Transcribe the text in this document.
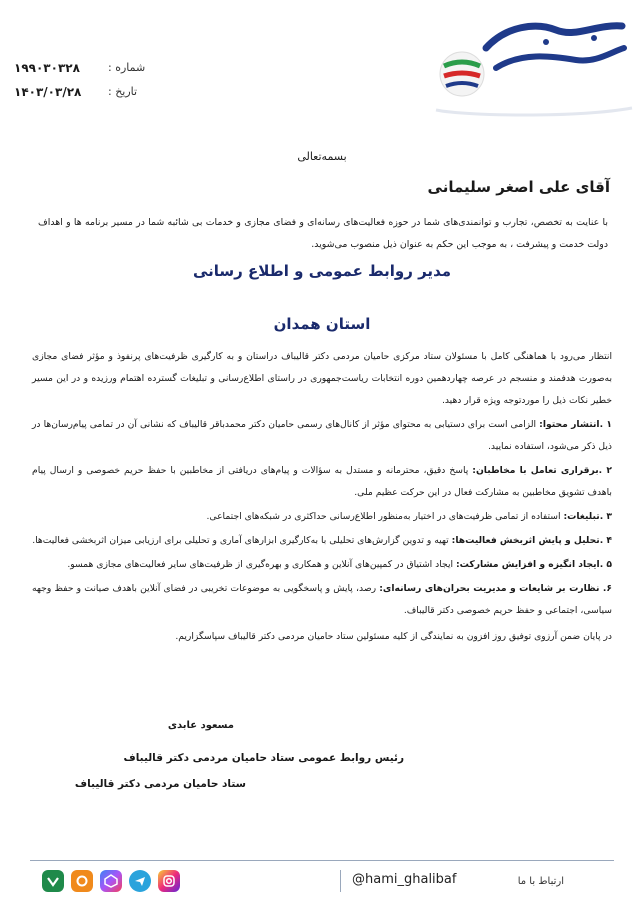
۱۹۹۰۳۰۳۲۸	شماره :
۱۴۰۳/۰۳/۲۸	تاریخ :
بسمه‌تعالی
آقای علی اصغر سلیمانی
با عنایت به تخصص، تجارب و توانمندی‌های شما در حوزه فعالیت‌های رسانه‌ای و فضای مجازی و خدمات بی شائبه شما در مسیر برنامه ها و اهداف دولت خدمت و پیشرفت ، به موجب این حکم به عنوان ذیل منصوب می‌شوید.
مدیر روابط عمومی و اطلاع رسانی
استان همدان

انتظار می‌رود با هماهنگی کامل با مسئولان ستاد مرکزی حامیان مردمی دکتر قالیباف دراستان و به کارگیری ظرفیت‌های پرنفوذ و مؤثر فضای مجازی به‌صورت هدفمند و منسجم در عرصه چهاردهمین دوره انتخابات ریاست‌جمهوری در راستای اطلاع‌رسانی و تبلیغات گسترده اهتمام ورزیده و در این مسیر خطیر نکات ذیل را موردتوجه ویژه قرار دهید.

۱ .انتشار محتوا: الزامی است برای دستیابی به محتوای مؤثر از کانال‌های رسمی حامیان دکتر محمدباقر قالیباف که نشانی آن در تمامی پیام‌رسان‌ها در ذیل ذکر می‌شود، استفاده نمایید.

۲ .برقراری تعامل با مخاطبان: پاسخ دقیق، محترمانه و مستدل به سؤالات و پیام‌های دریافتی از مخاطبین با حفظ حریم خصوصی و ارسال پیام باهدف تشویق مخاطبین به مشارکت فعال در این حرکت عظیم ملی.

۳ .تبلیغات: استفاده از تمامی ظرفیت‌های در اختیار به‌منظور اطلاع‌رسانی حداکثری در شبکه‌های اجتماعی.

۴ .تحلیل و پایش اثربخش فعالیت‌ها: تهیه و تدوین گزارش‌های تحلیلی با به‌کارگیری ابزارهای آماری و تحلیلی برای ارزیابی میزان اثربخشی فعالیت‌ها.

۵ .ایجاد انگیزه و افزایش مشارکت: ایجاد اشتیاق در کمپین‌های آنلاین و همکاری و بهره‌گیری از ظرفیت‌های سایر فعالیت‌های مجازی همسو.

۶. نظارت بر شایعات و مدیریت بحران‌های رسانه‌ای: رصد، پایش و پاسخگویی به موضوعات تخریبی در فضای آنلاین باهدف صیانت و حفظ وجهه سیاسی، اجتماعی و حفظ حریم خصوصی دکتر قالیباف.

در پایان ضمن آرزوی توفیق روز افزون به نمایندگی از کلیه مسئولین ستاد حامیان مردمی دکتر قالیباف سپاسگزاریم.

مسعود عابدی
رئیس روابط عمومی ستاد حامیان مردمی دکتر قالیباف
ستاد حامیان مردمی دکتر قالیباف
ارتباط با ما
@hami_ghalibaf
